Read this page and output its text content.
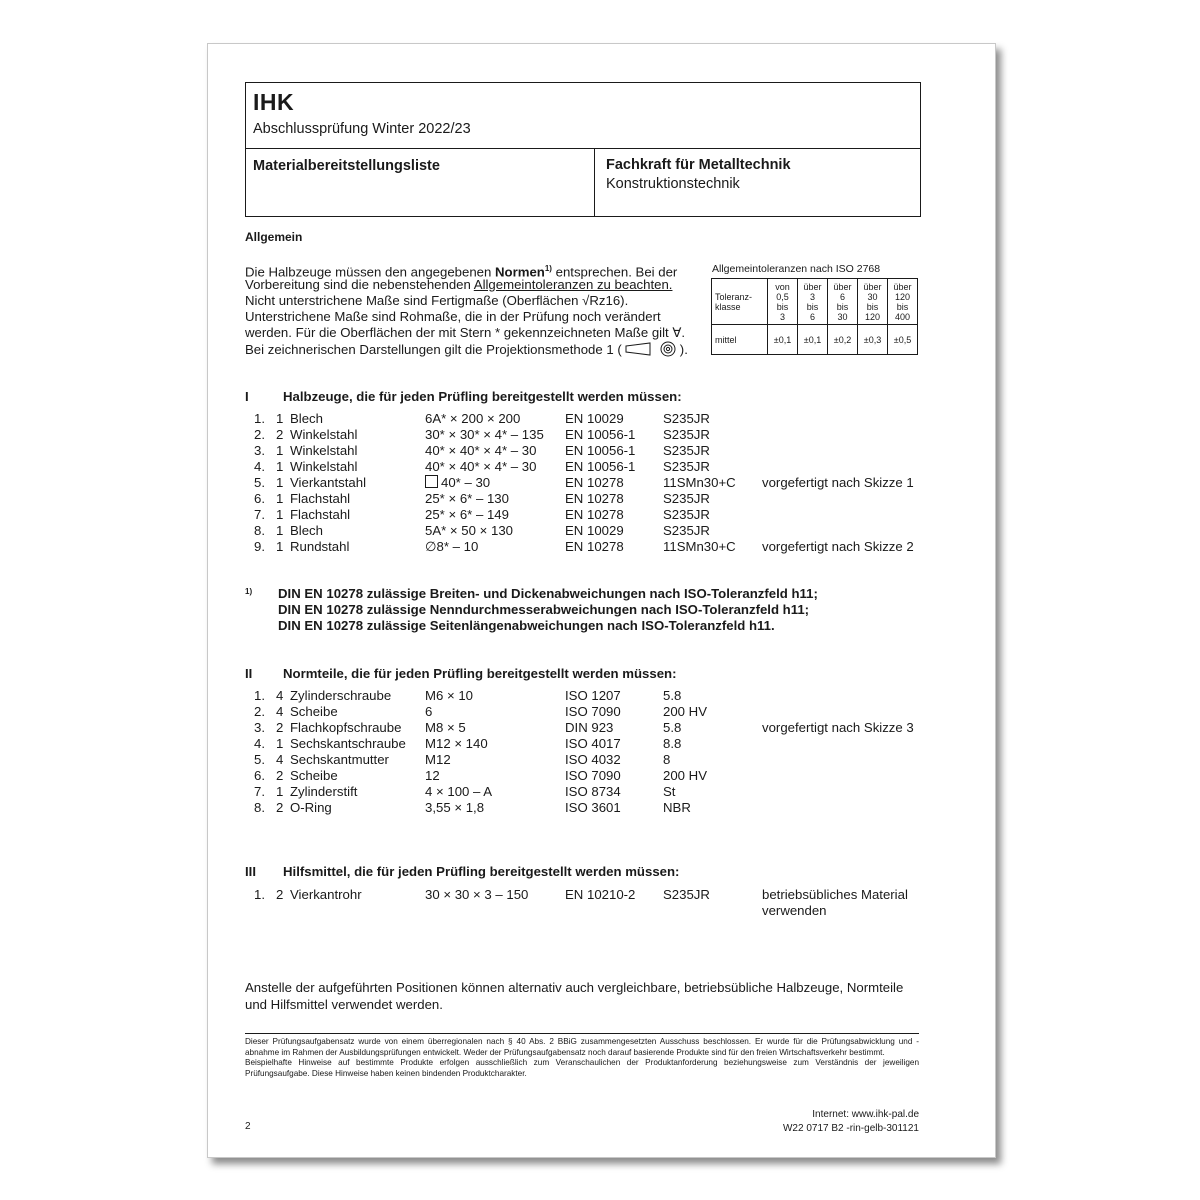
IHK
Abschlussprüfung Winter 2022/23
Materialbereitstellungsliste	Fachkraft für Metalltechnik
Konstruktionstechnik
Allgemein
Die Halbzeuge müssen den angegebenen Normen$^{1)}$ entsprechen. Bei der
Vorbereitung sind die nebenstehenden Allgemeintoleranzen zu beachten.
Nicht unterstrichene Maße sind Fertigmaße (Oberflächen √Rz16).
Unterstrichene Maße sind Rohmaße, die in der Prüfung noch verändert
werden. Für die Oberflächen der mit Stern * gekennzeichneten Maße gilt ∀.
Bei zeichnerischen Darstellungen gilt die Projektionsmethode 1 (	).
Allgemeintoleranzen nach ISO 2768
Toleranz-
klasse	von
0,5
bis
3	über
3
bis
6	über
6
bis
30	über
30
bis
120	über
120
bis
400
mittel	±0,1	±0,1	±0,2	±0,3	±0,5
I	Halbzeuge, die für jeden Prüfling bereitgestellt werden müssen:
1. 1 Blech	6A* × 200 × 200	EN 10029	S235JR
2. 2 Winkelstahl	30* × 30* × 4* – 135 EN 10056-1 S235JR
3. 1 Winkelstahl	40* × 40* × 4* – 30 EN 10056-1 S235JR
4. 1 Winkelstahl	40* × 40* × 4* – 30 EN 10056-1 S235JR
5. 1 Vierkantstahl	40* – 30	EN 10278	11SMn30+C vorgefertigt nach Skizze 1
6. 1 Flachstahl	25* × 6* – 130	EN 10278	S235JR
7. 1 Flachstahl	25* × 6* – 149	EN 10278	S235JR
8. 1 Blech	5A* × 50 × 130	EN 10029	S235JR
9. 1 Rundstahl	∅8* – 10	EN 10278	11SMn30+C vorgefertigt nach Skizze 2
1) DIN EN 10278 zulässige Breiten- und Dickenabweichungen nach ISO-Toleranzfeld h11;
DIN EN 10278 zulässige Nenndurchmesserabweichungen nach ISO-Toleranzfeld h11;
DIN EN 10278 zulässige Seitenlängenabweichungen nach ISO-Toleranzfeld h11.
II Normteile, die für jeden Prüfling bereitgestellt werden müssen:
1. 4 Zylinderschraube	M6 × 10	ISO 1207	5.8
2. 4 Scheibe	6	ISO 7090	200 HV
3. 2 Flachkopfschraube M8 × 5	DIN 923	5.8	vorgefertigt nach Skizze 3
4. 1 Sechskantschraube M12 × 140	ISO 4017	8.8
5. 4 Sechskantmutter	M12	ISO 4032	8
6. 2 Scheibe	12	ISO 7090	200 HV
7. 1 Zylinderstift	4 × 100 – A	ISO 8734	St
8. 2 O-Ring	3,55 × 1,8	ISO 3601	NBR
III Hilfsmittel, die für jeden Prüfling bereitgestellt werden müssen:
1. 2 Vierkantrohr	30 × 30 × 3 – 150	EN 10210-2 S235JR	betriebsübliches Material
verwenden
Anstelle der aufgeführten Positionen können alternativ auch vergleichbare, betriebsübliche Halbzeuge, Normteile und Hilfsmittel verwendet werden.

Dieser Prüfungsaufgabensatz wurde von einem überregionalen nach § 40 Abs. 2 BBiG zusammengesetzten Ausschuss beschlossen. Er wurde für die Prüfungsabwicklung und -abnahme im Rahmen der Ausbildungsprüfungen entwickelt. Weder der Prüfungsaufgabensatz noch darauf basierende Produkte sind für den freien Wirtschaftsverkehr bestimmt.

Beispielhafte Hinweise auf bestimmte Produkte erfolgen ausschließlich zum Veranschaulichen der Produktanforderung beziehungsweise zum Verständnis der jeweiligen Prüfungsaufgabe. Diese Hinweise haben keinen bindenden Produktcharakter.

2
Internet: www.ihk-pal.de
W22 0717 B2 -rin-gelb-301121
